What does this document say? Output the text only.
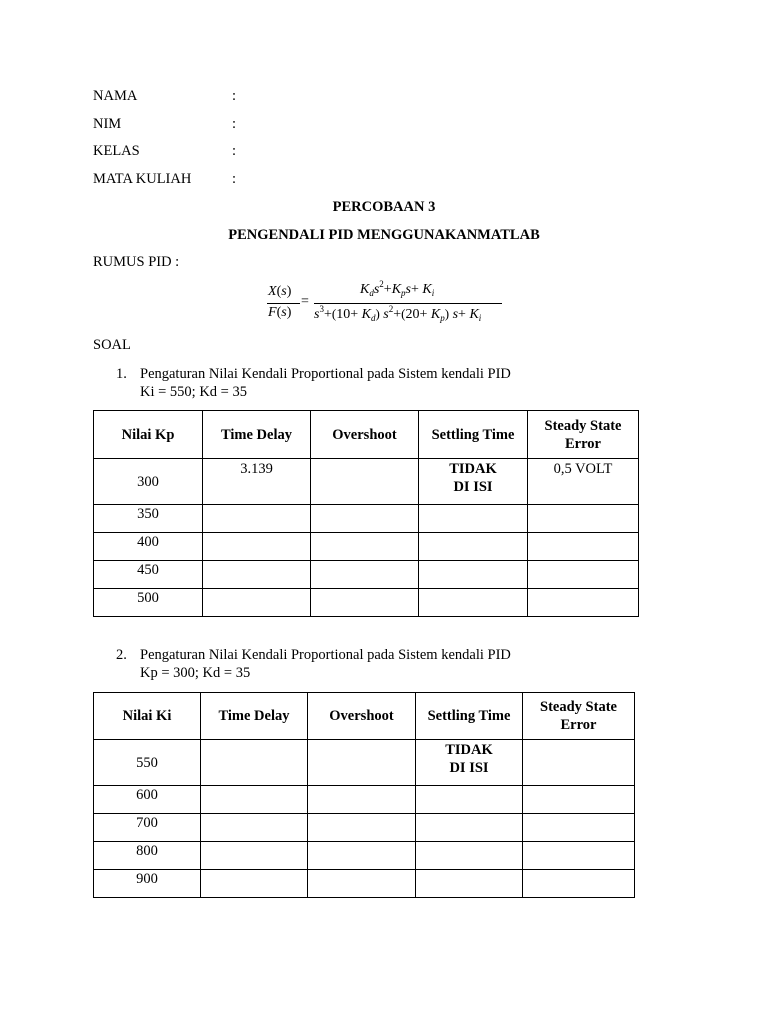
NAMA	:
NIM	:
KELAS	:
MATA KULIAH	:
PERCOBAAN 3
PENGENDALI PID MENGGUNAKANMATLAB
RUMUS PID :
X(s)
F(s)
=
$K_ds^2+K_ps+ K_i$
$s^3+(10+ K_d)$ $s^2+(20+ K_p)$ $s+ K_i$
SOAL
1. Pengaturan Nilai Kendali Proportional pada Sistem kendali PID
Ki = 550; Kd = 35
Nilai Kp	Time Delay	Overshoot	Settling Time	Steady State Error
300	3.139		TIDAK DI ISI	0,5 VOLT
350				
400				
450				
500				
2. Pengaturan Nilai Kendali Proportional pada Sistem kendali PID
Kp = 300; Kd = 35
Nilai Ki	Time Delay	Overshoot	Settling Time	Steady State Error
550			TIDAK DI ISI	
600				
700				
800				
900				
